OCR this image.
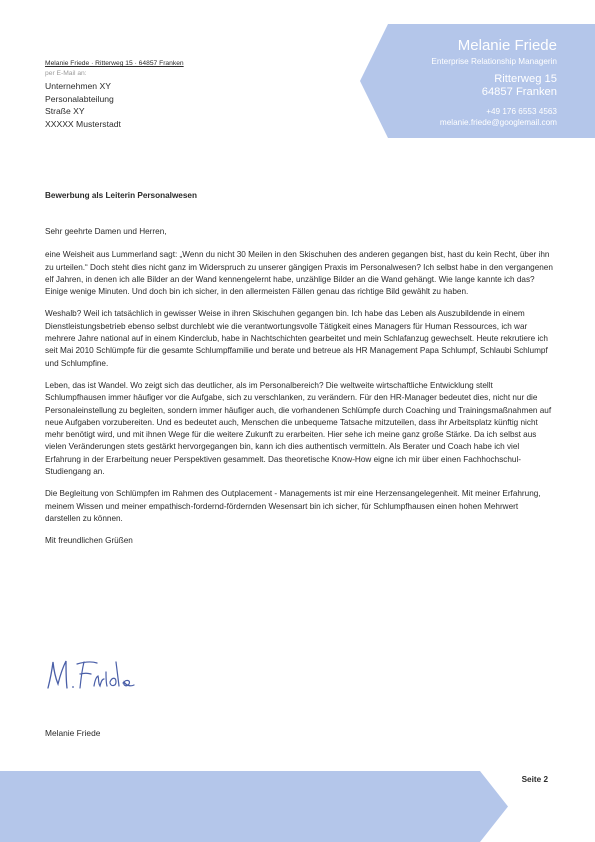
Melanie Friede
Enterprise Relationship Managerin
Ritterweg 15
64857 Franken
+49 176 6553 4563
melanie.friede@googlemail.com
Melanie Friede · Ritterweg 15 · 64857 Franken
per E-Mail an:
Unternehmen XY
Personalabteilung
Straße XY
XXXXX Musterstadt
Bewerbung als Leiterin Personalwesen

Sehr geehrte Damen und Herren,

eine Weisheit aus Lummerland sagt: „Wenn du nicht 30 Meilen in den Skischuhen des anderen gegangen bist, hast du kein Recht, über ihn zu urteilen.“ Doch steht dies nicht ganz im Widerspruch zu unserer gängigen Praxis im Personalwesen? Ich selbst habe in den vergangenen elf Jahren, in denen ich alle Bilder an der Wand kennengelernt habe, unzählige Bilder an die Wand gehängt. Wie lange kannte ich das? Einige wenige Minuten. Und doch bin ich sicher, in den allermeisten Fällen genau das richtige Bild gewählt zu haben.

Weshalb? Weil ich tatsächlich in gewisser Weise in ihren Skischuhen gegangen bin. Ich habe das Leben als Auszubildende in einem Dienstleistungsbetrieb ebenso selbst durchlebt wie die verantwortungsvolle Tätigkeit eines Managers für Human Ressources, ich war mehrere Jahre national auf in einem Kinderclub, habe in Nachtschichten gearbeitet und mein Schlafanzug gewechselt. Heute rekrutiere ich seit Mai 2010 Schlümpfe für die gesamte Schlumpffamilie und berate und betreue als HR Management Papa Schlumpf, Schlaubi Schlumpf und Schlumpfine.

Leben, das ist Wandel. Wo zeigt sich das deutlicher, als im Personalbereich? Die weltweite wirtschaftliche Entwicklung stellt Schlumpfhausen immer häufiger vor die Aufgabe, sich zu verschlanken, zu verändern. Für den HR-Manager bedeutet dies, nicht nur die Personaleinstellung zu begleiten, sondern immer häufiger auch, die vorhandenen Schlümpfe durch Coaching und Trainingsmaßnahmen auf neue Aufgaben vorzubereiten. Und es bedeutet auch, Menschen die unbequeme Tatsache mitzuteilen, dass ihr Arbeitsplatz künftig nicht mehr benötigt wird, und mit ihnen Wege für die weitere Zukunft zu erarbeiten. Hier sehe ich meine ganz große Stärke. Da ich selbst aus vielen Veränderungen stets gestärkt hervorgegangen bin, kann ich dies authentisch vermitteln. Als Berater und Coach habe ich viel Erfahrung in der Erarbeitung neuer Perspektiven gesammelt. Das theoretische Know-How eigne ich mir über einen Fachhochschul-Studiengang an.

Die Begleitung von Schlümpfen im Rahmen des Outplacement - Managements ist mir eine Herzensangelegenheit. Mit meiner Erfahrung, meinem Wissen und meiner empathisch-fordernd-fördernden Wesensart bin ich sicher, für Schlumpfhausen einen hohen Mehrwert darstellen zu können.

Mit freundlichen Grüßen

Melanie Friede
Seite 2
